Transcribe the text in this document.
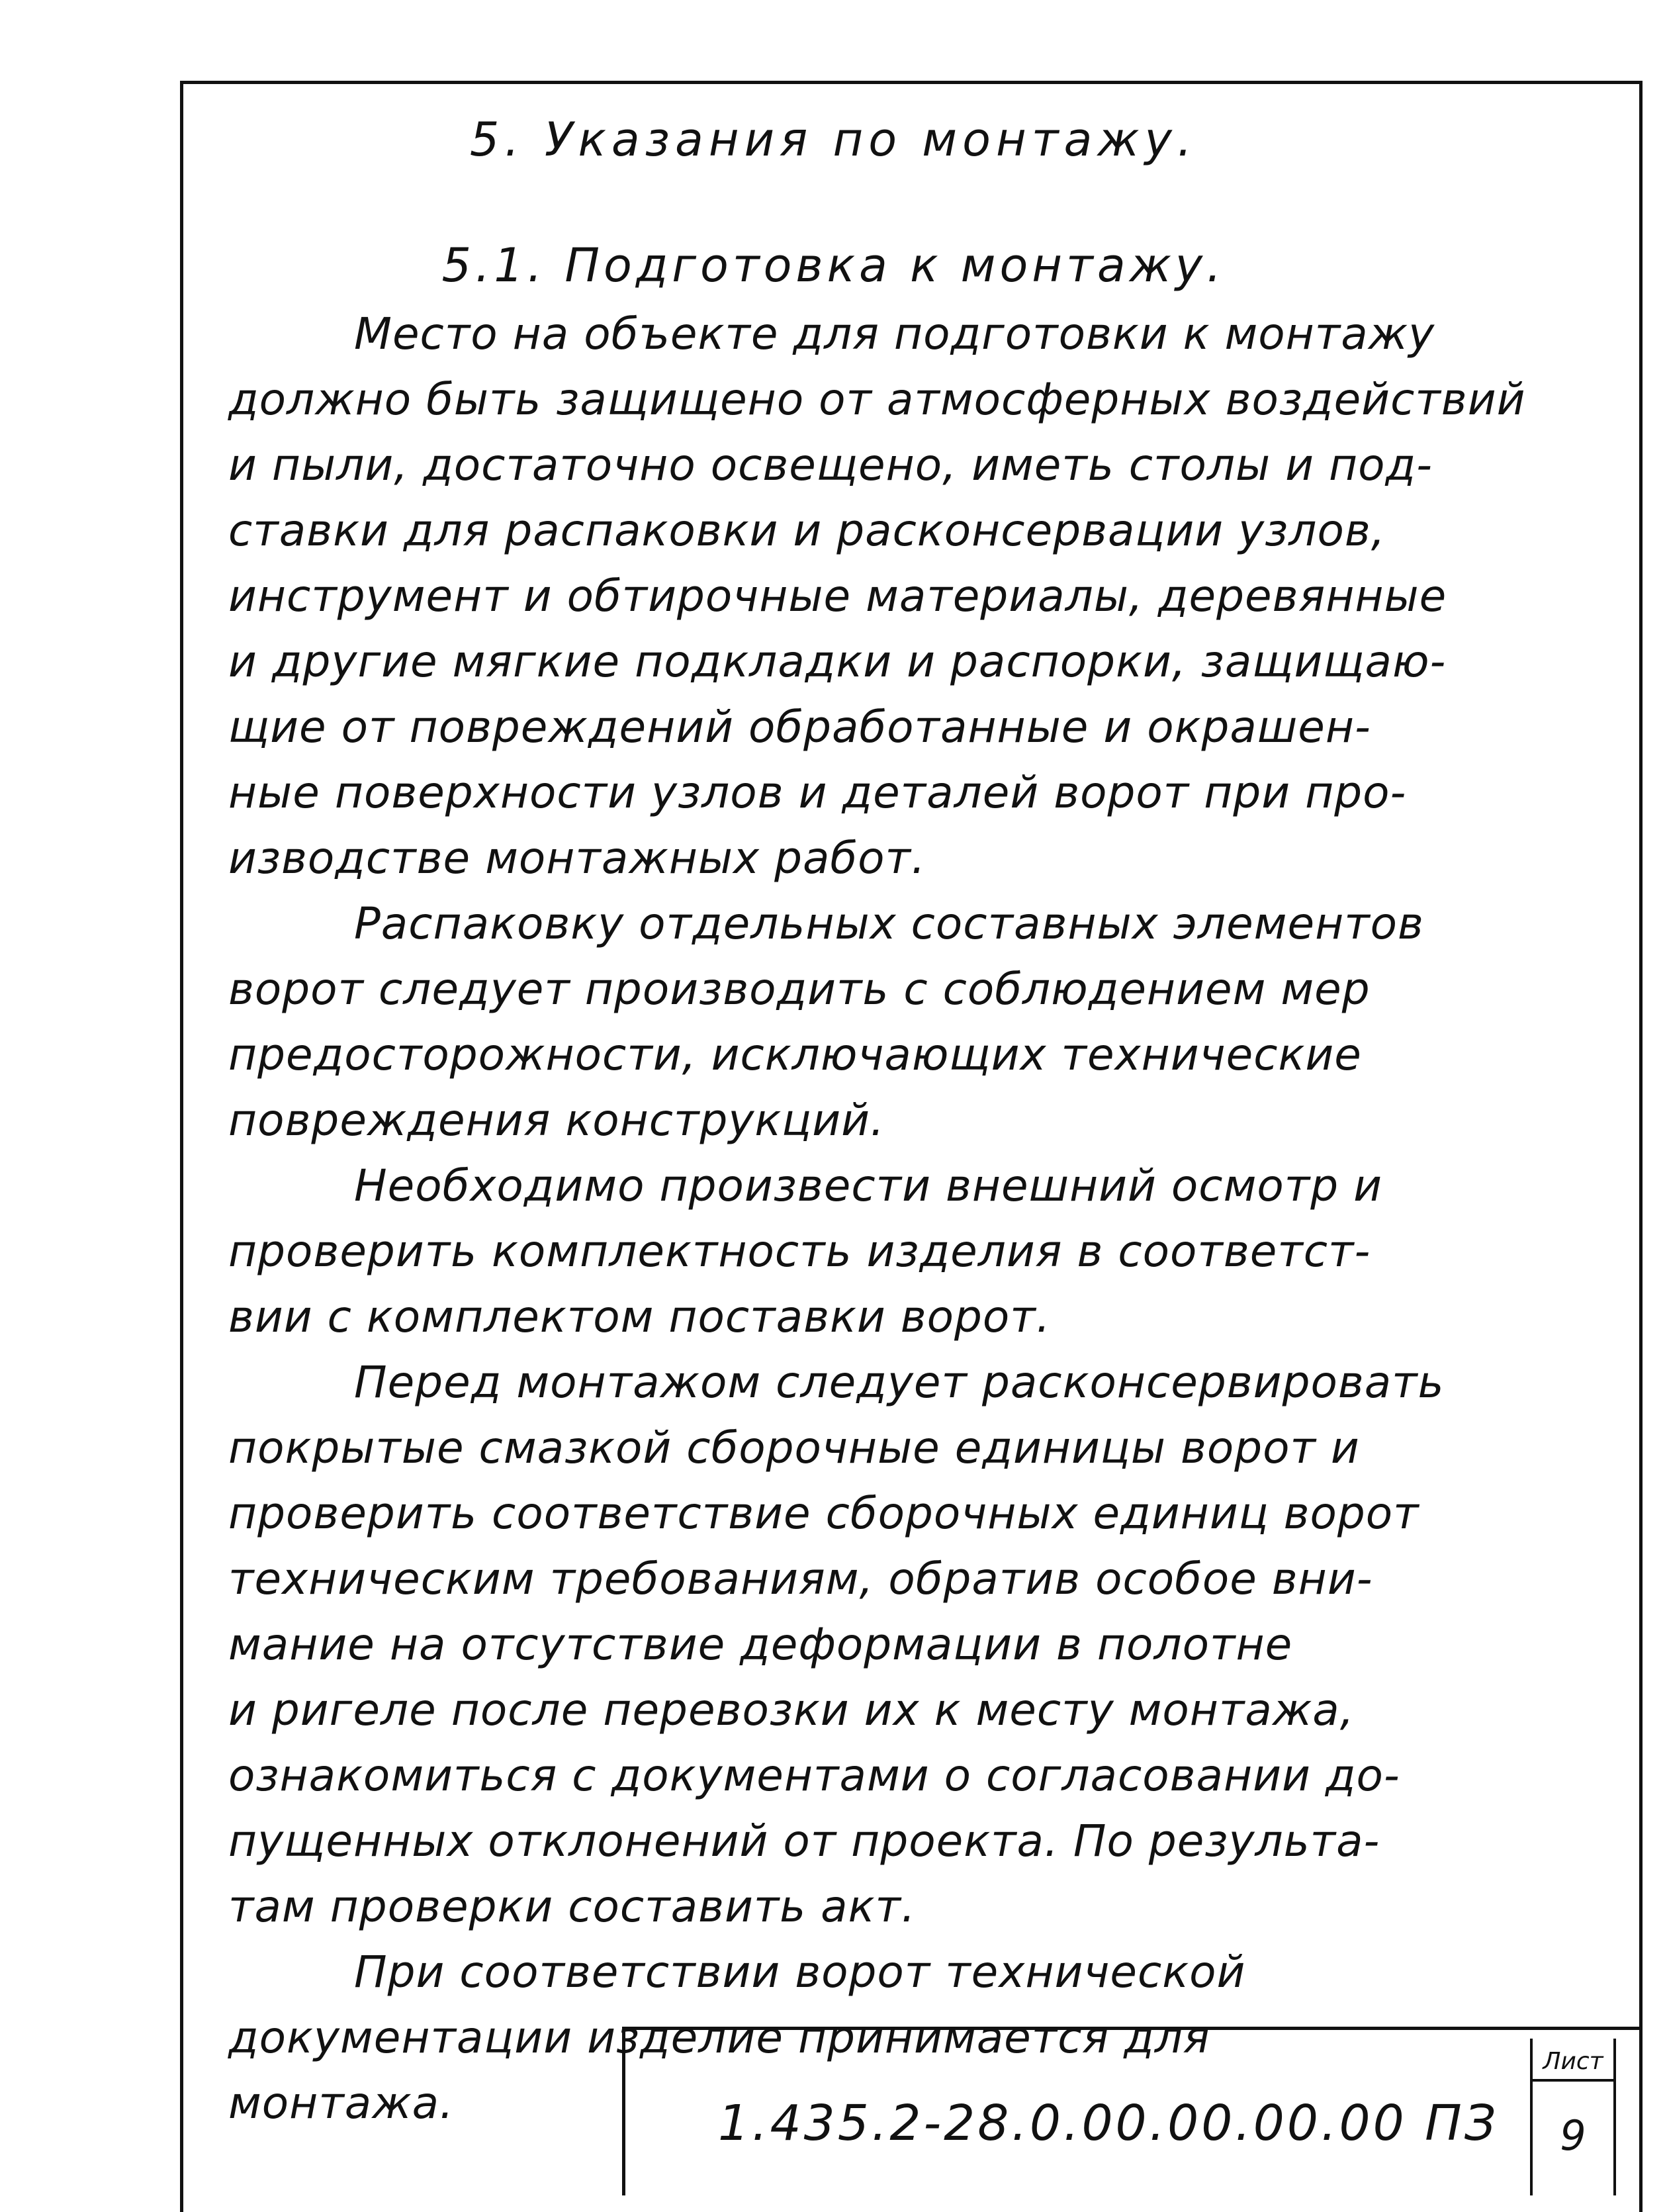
5. Указания по монтажу.
5.1. Подготовка к монтажу.
Место на объекте для подготовки к монтажу
должно быть защищено от атмосферных воздействий
и пыли, достаточно освещено, иметь столы и под-
ставки для распаковки и расконсервации узлов,
инструмент и обтирочные материалы, деревянные
и другие мягкие подкладки и распорки, защищаю-
щие от повреждений обработанные и окрашен-
ные поверхности узлов и деталей ворот при про-
изводстве монтажных работ.
Распаковку отдельных составных элементов
ворот следует производить с соблюдением мер
предосторожности, исключающих технические
повреждения конструкций.
Необходимо произвести внешний осмотр и
проверить комплектность изделия в соответст-
вии с комплектом поставки ворот.
Перед монтажом следует расконсервировать
покрытые смазкой сборочные единицы ворот и
проверить соответствие сборочных единиц ворот
техническим требованиям, обратив особое вни-
мание на отсутствие деформации в полотне
и ригеле после перевозки их к месту монтажа,
ознакомиться с документами о согласовании до-
пущенных отклонений от проекта. По результа-
там проверки составить акт.
При соответствии ворот технической
документации изделие принимается для
монтажа.	1.435.2-28.0.00.00.00.00 ПЗ
Лист
9
